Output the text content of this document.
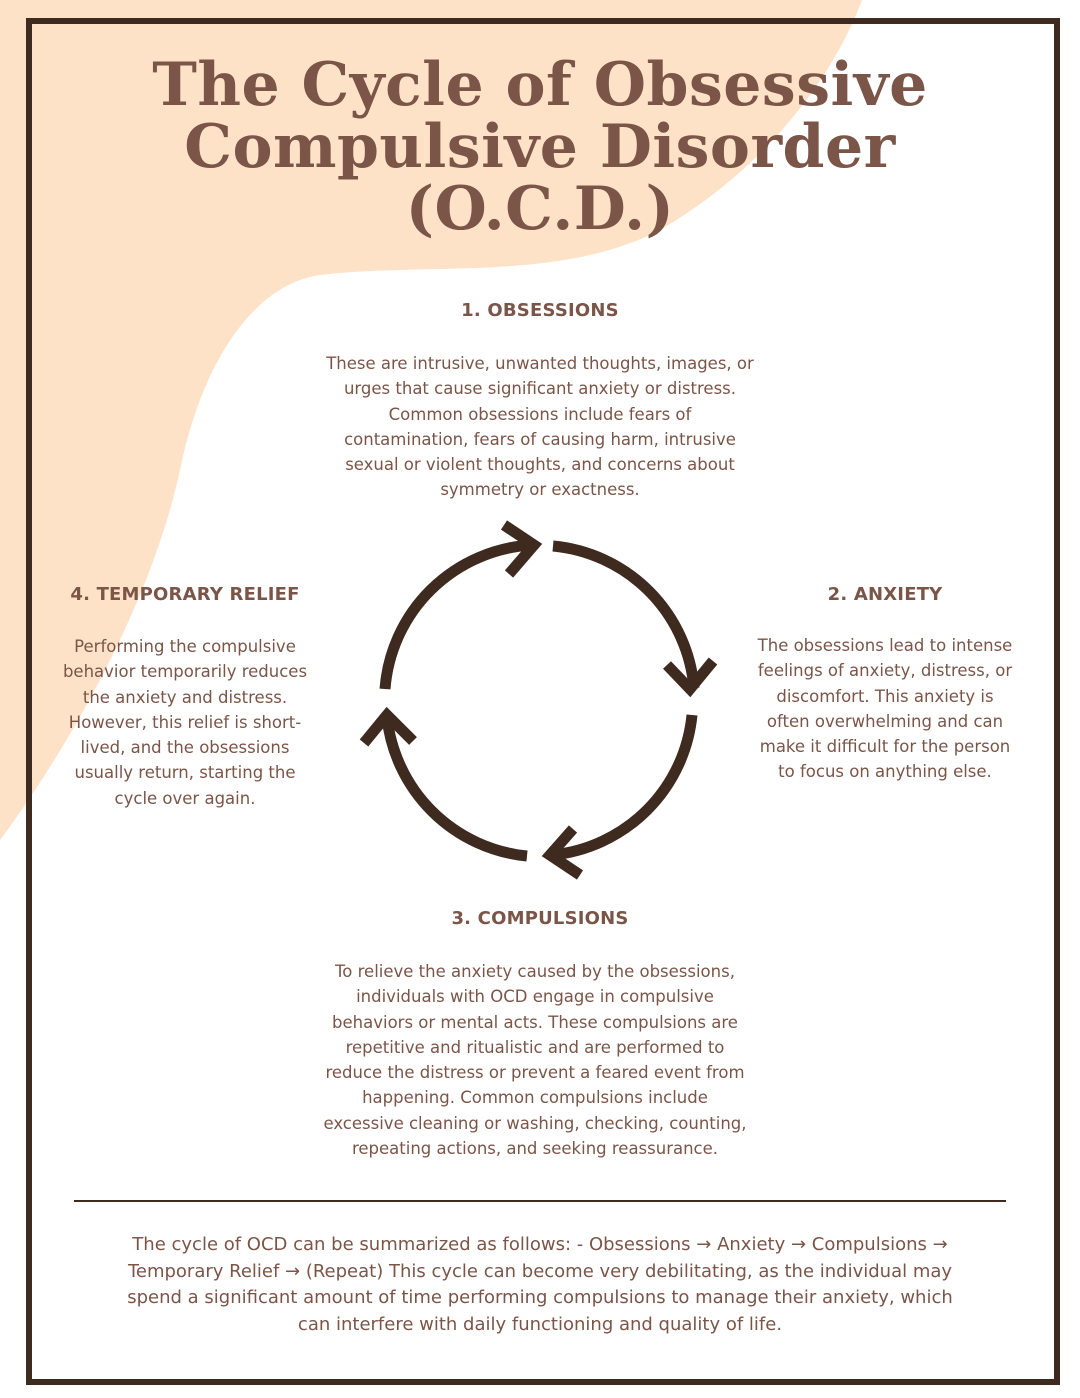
The Cycle of Obsessive
Compulsive Disorder
(O.C.D.)
1. OBSESSIONS
These are intrusive, unwanted thoughts, images, or
urges that cause significant anxiety or distress.
Common obsessions include fears of
contamination, fears of causing harm, intrusive
sexual or violent thoughts, and concerns about
symmetry or exactness.
4. TEMPORARY RELIEF
Performing the compulsive
behavior temporarily reduces
the anxiety and distress.
However, this relief is short-
lived, and the obsessions
usually return, starting the
cycle over again.
2. ANXIETY
The obsessions lead to intense
feelings of anxiety, distress, or
discomfort. This anxiety is
often overwhelming and can
make it difficult for the person
to focus on anything else.
3. COMPULSIONS
To relieve the anxiety caused by the obsessions,
individuals with OCD engage in compulsive
behaviors or mental acts. These compulsions are
repetitive and ritualistic and are performed to
reduce the distress or prevent a feared event from
happening. Common compulsions include
excessive cleaning or washing, checking, counting,
repeating actions, and seeking reassurance.
The cycle of OCD can be summarized as follows: - Obsessions → Anxiety → Compulsions →
Temporary Relief → (Repeat) This cycle can become very debilitating, as the individual may
spend a significant amount of time performing compulsions to manage their anxiety, which
can interfere with daily functioning and quality of life.
